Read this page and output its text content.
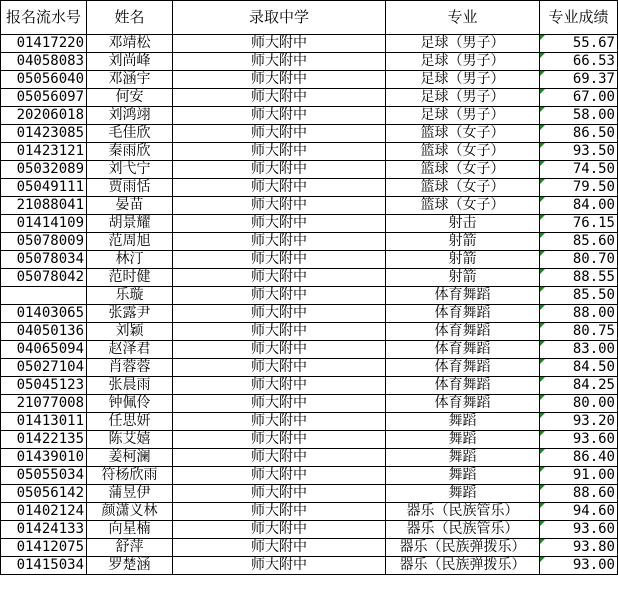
报名流水号	姓名	录取中学	专业	专业成绩
01417220	邓靖松	师大附中	足球（男子）	55.67
04058083	刘尚峰	师大附中	足球（男子）	66.53
05056040	邓涵宇	师大附中	足球（男子）	69.37
05056097	何安	师大附中	足球（男子）	67.00
20206018	刘鸿翊	师大附中	足球（男子）	58.00
01423085	毛佳欣	师大附中	篮球（女子）	86.50
01423121	秦雨欣	师大附中	篮球（女子）	93.50
05032089	刘弋宁	师大附中	篮球（女子）	74.50
05049111	贾雨恬	师大附中	篮球（女子）	79.50
21088041	晏苗	师大附中	篮球（女子）	84.00
01414109	胡景耀	师大附中	射击	76.15
05078009	范周旭	师大附中	射箭	85.60
05078034	林汀	师大附中	射箭	80.70
05078042	范时健	师大附中	射箭	88.55
	乐璇	师大附中	体育舞蹈	85.50
01403065	张露尹	师大附中	体育舞蹈	88.00
04050136	刘颖	师大附中	体育舞蹈	80.75
04065094	赵泽君	师大附中	体育舞蹈	83.00
05027104	肖蓉蓉	师大附中	体育舞蹈	84.50
05045123	张晨雨	师大附中	体育舞蹈	84.25
21077008	钟佩伶	师大附中	体育舞蹈	80.00
01413011	任思妍	师大附中	舞蹈	93.20
01422135	陈艾嬉	师大附中	舞蹈	93.60
01439010	姜柯澜	师大附中	舞蹈	86.40
05055034	符杨欣雨	师大附中	舞蹈	91.00
05056142	蒲昱伊	师大附中	舞蹈	88.60
01402124	颜潇义林	师大附中	器乐（民族管乐）	94.60
01424133	向星楠	师大附中	器乐（民族管乐）	93.60
01412075	舒萍	师大附中	器乐（民族弹拨乐）	93.80
01415034	罗楚涵	师大附中	器乐（民族弹拨乐）	93.00
